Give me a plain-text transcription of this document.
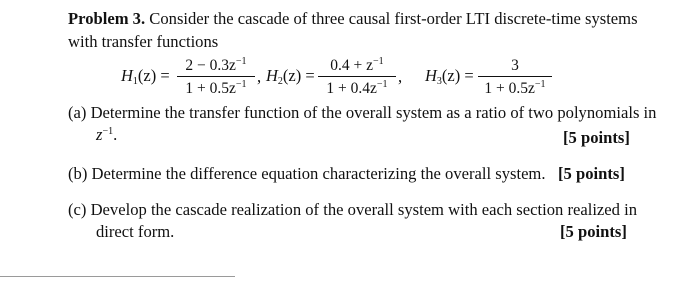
Problem 3. Consider the cascade of three causal first-order LTI discrete-time systems
with transfer functions
$H_1(z)$ =
$2 - 0.3z^{-1}$
$1 + 0.5z^{-1}$ , $H_2(z)$ =
$0.4 + z^{-1}$
$1 + 0.4z^{-1}$ , $H_3(z)$ =
3
$1 + 0.5z^{-1}$
(a) Determine the transfer function of the overall system as a ratio of two polynomials in
$z^{-1}$.	[5 points]
(b) Determine the difference equation characterizing the overall system. [5 points]
(c) Develop the cascade realization of the overall system with each section realized in
direct form.	[5 points]
